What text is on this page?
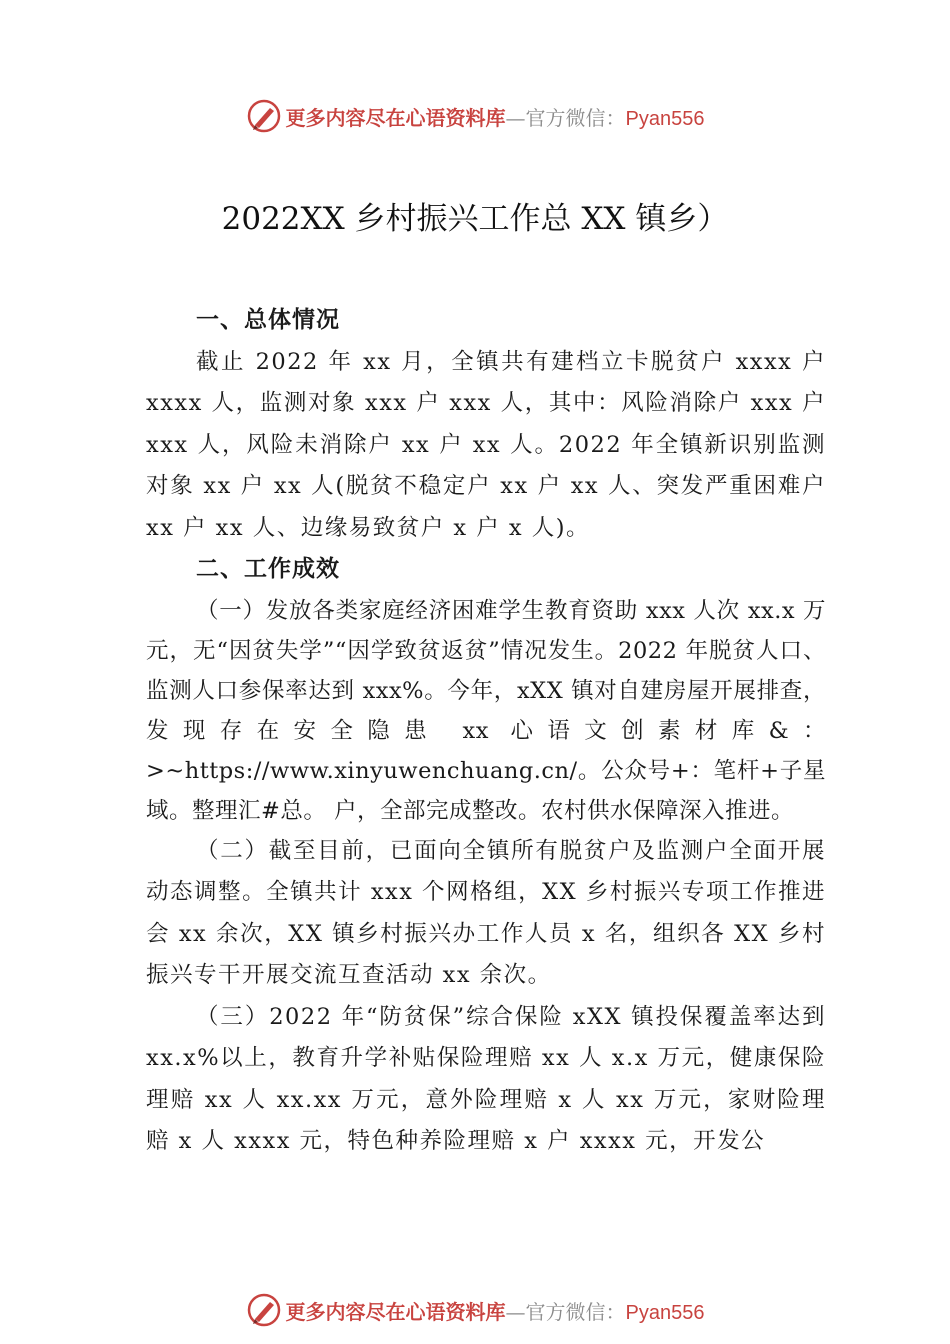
更多内容尽在心语资料库—官方微信：Pyan556
2022XX 乡村振兴工作总 XX 镇乡）
一、总体情况

截止 2022 年 xx 月，全镇共有建档立卡脱贫户 xxxx 户 xxxx 人，监测对象 xxx 户 xxx 人，其中：风险消除户 xxx 户 xxx 人，风险未消除户 xx 户 xx 人。2022 年全镇新识别监测对象 xx 户 xx 人(脱贫不稳定户 xx 户 xx 人、突发严重困难户 xx 户 xx 人、边缘易致贫户 x 户 x 人)。

二、工作成效

（一）发放各类家庭经济困难学生教育资助 xxx 人次 xx.x 万元，无“因贫失学”“因学致贫返贫”情况发生。2022 年脱贫人口、监测人口参保率达到 xxx%。今年，xXX 镇对自建房屋开展排查，发现存在安全隐患 xx 心语文创素材库&：>~https://www.xinyuwenchuang.cn/。公众号+：笔杆+子星域。整理汇#总。 户，全部完成整改。农村供水保障深入推进。

（二）截至目前，已面向全镇所有脱贫户及监测户全面开展动态调整。全镇共计 xxx 个网格组，XX 乡村振兴专项工作推进会 xx 余次，XX 镇乡村振兴办工作人员 x 名，组织各 XX 乡村振兴专干开展交流互查活动 xx 余次。

（三）2022 年“防贫保”综合保险 xXX 镇投保覆盖率达到 xx.x%以上，教育升学补贴保险理赔 xx 人 x.x 万元，健康保险理赔 xx 人 xx.xx 万元，意外险理赔 x 人 xx 万元，家财险理赔 x 人 xxxx 元，特色种养险理赔 x 户 xxxx 元，开发公

更多内容尽在心语资料库—官方微信：Pyan556
